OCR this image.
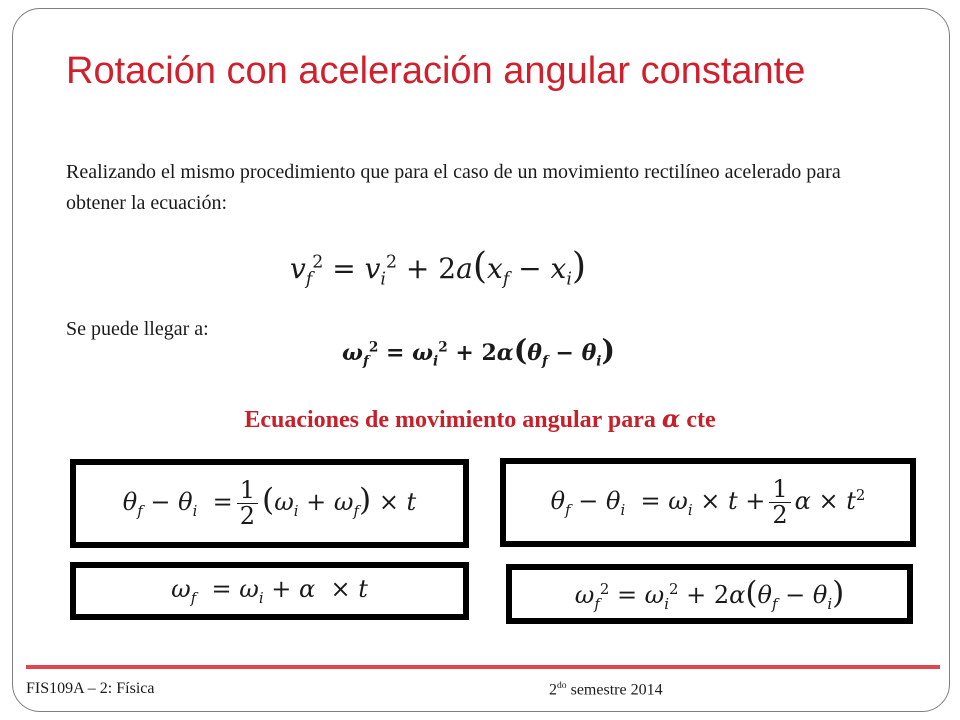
Rotación con aceleración angular constante
Realizando el mismo procedimiento que para el caso de un movimiento rectilíneo acelerado para obtener la ecuación:
$v_f^2 = v_i^2 + 2a(x_f - x_i)$
Se puede llegar a:
$\omega_f^2 = \omega_i^2 + 2\alpha(\theta_f - \theta_i)$
Ecuaciones de movimiento angular para α cte
$\theta_f - \theta_i = \frac{1}{2} (\omega_i + \omega_f) \times t$	$\theta_f - \theta_i = \omega_i \times t + \frac{1}{2}$ $\alpha \times t^2$
$\omega_f = \omega_i + \alpha \times t$	$\omega_f^2 = \omega_i^2 + 2\alpha(\theta_f - \theta_i)$
FIS109A – 2: Física	$2^{do}$ semestre 2014
